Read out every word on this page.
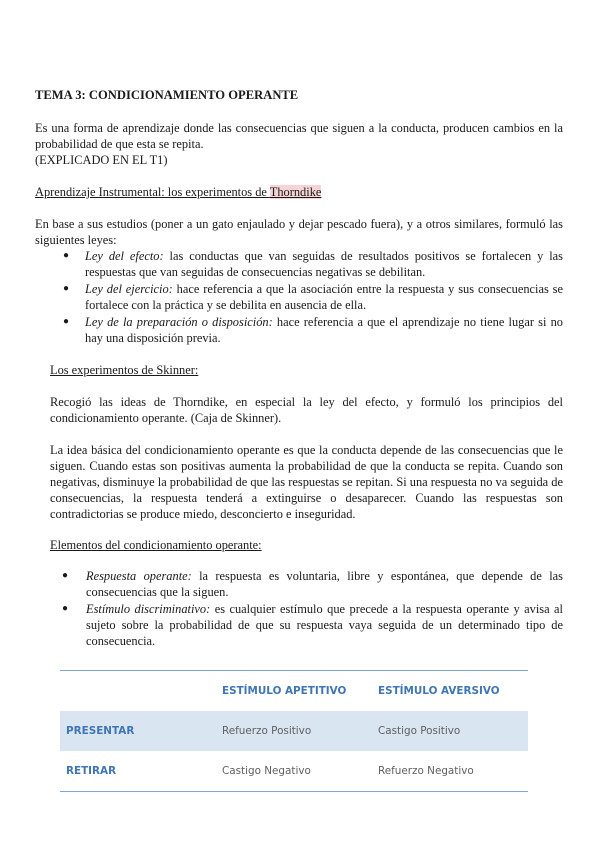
TEMA 3: CONDICIONAMIENTO OPERANTE
Es una forma de aprendizaje donde las consecuencias que siguen a la conducta, producen cambios en la probabilidad de que esta se repita.
(EXPLICADO EN EL T1)
Aprendizaje Instrumental: los experimentos de Thorndike
En base a sus estudios (poner a un gato enjaulado y dejar pescado fuera), y a otros similares, formuló las siguientes leyes:
● Ley del efecto: las conductas que van seguidas de resultados positivos se fortalecen y las respuestas que van seguidas de consecuencias negativas se debilitan.
● Ley del ejercicio: hace referencia a que la asociación entre la respuesta y sus consecuencias se fortalece con la práctica y se debilita en ausencia de ella.
● Ley de la preparación o disposición: hace referencia a que el aprendizaje no tiene lugar si no hay una disposición previa.
Los experimentos de Skinner:
Recogió las ideas de Thorndike, en especial la ley del efecto, y formuló los principios del condicionamiento operante. (Caja de Skinner).
La idea básica del condicionamiento operante es que la conducta depende de las consecuencias que le siguen. Cuando estas son positivas aumenta la probabilidad de que la conducta se repita. Cuando son negativas, disminuye la probabilidad de que las respuestas se repitan. Si una respuesta no va seguida de consecuencias, la respuesta tenderá a extinguirse o desaparecer. Cuando las respuestas son contradictorias se produce miedo, desconcierto e inseguridad.
Elementos del condicionamiento operante:
● Respuesta operante: la respuesta es voluntaria, libre y espontánea, que depende de las consecuencias que la siguen.
● Estímulo discriminativo: es cualquier estímulo que precede a la respuesta operante y avisa al sujeto sobre la probabilidad de que su respuesta vaya seguida de un determinado tipo de consecuencia.
	ESTÍMULO APETITIVO	ESTÍMULO AVERSIVO
PRESENTAR	Refuerzo Positivo	Castigo Positivo
RETIRAR	Castigo Negativo	Refuerzo Negativo
